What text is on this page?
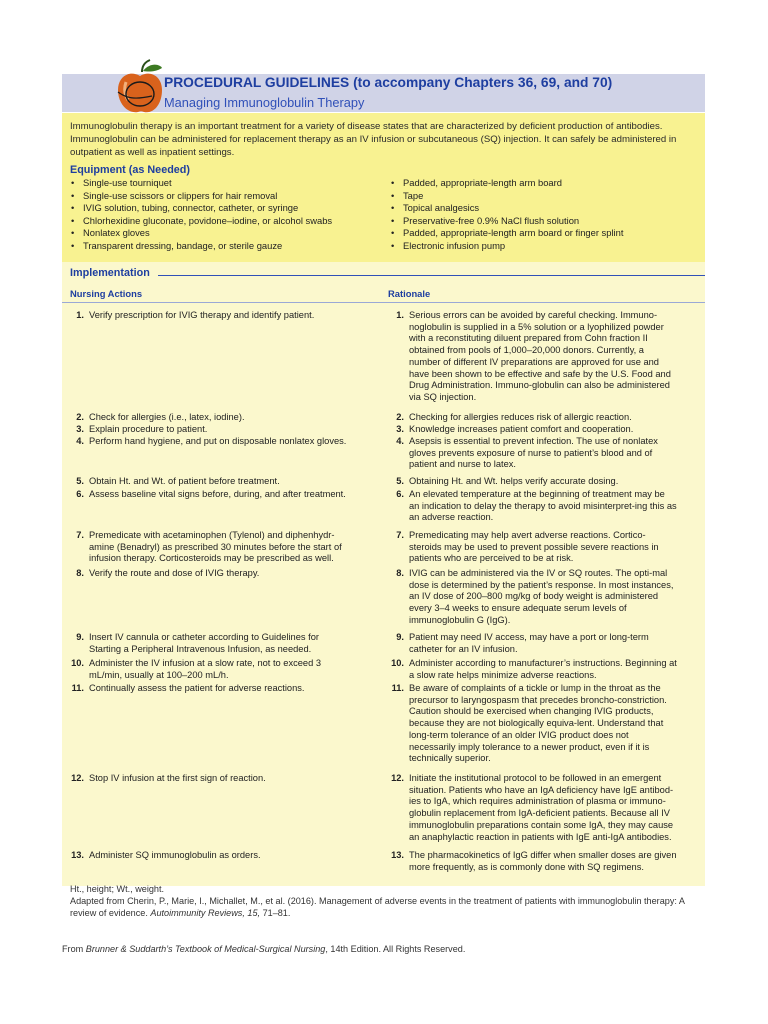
PROCEDURAL GUIDELINES (to accompany Chapters 36, 69, and 70)
Managing Immunoglobulin Therapy

Immunoglobulin therapy is an important treatment for a variety of disease states that are characterized by deficient production of antibodies. Immunoglobulin can be administered for replacement therapy as an IV infusion or subcutaneous (SQ) injection. It can safely be administered in outpatient as well as inpatient settings.

Equipment (as Needed)

• Single-use tourniquet
• Single-use scissors or clippers for hair removal
• IVIG solution, tubing, connector, catheter, or syringe
• Chlorhexidine gluconate, povidone–iodine, or alcohol swabs
• Nonlatex gloves
• Transparent dressing, bandage, or sterile gauze
• Padded, appropriate-length arm board
• Tape
• Topical analgesics
• Preservative-free 0.9% NaCl flush solution
• Padded, appropriate-length arm board or finger splint
• Electronic infusion pump
Implementation
Nursing Actions	Rationale
1. Verify prescription for IVIG therapy and identify patient.
2. Check for allergies (i.e., latex, iodine).
3. Explain procedure to patient.
4. Perform hand hygiene, and put on disposable nonlatex gloves.
5. Obtain Ht. and Wt. of patient before treatment.
6. Assess baseline vital signs before, during, and after treatment.
7. Premedicate with acetaminophen (Tylenol) and diphenhydr-amine (Benadryl) as prescribed 30 minutes before the start of infusion therapy. Corticosteroids may be prescribed as well.
8. Verify the route and dose of IVIG therapy.
9. Insert IV cannula or catheter according to Guidelines for Starting a Peripheral Intravenous Infusion, as needed.
10. Administer the IV infusion at a slow rate, not to exceed 3 mL/min, usually at 100–200 mL/h.
11. Continually assess the patient for adverse reactions.
12. Stop IV infusion at the first sign of reaction.
13. Administer SQ immunoglobulin as orders.
1. Serious errors can be avoided by careful checking. Immuno-noglobulin is supplied in a 5% solution or a lyophilized powder with a reconstituting diluent prepared from Cohn fraction II obtained from pools of 1,000–20,000 donors. Currently, a number of different IV preparations are approved for use and have been shown to be effective and safe by the U.S. Food and Drug Administration. Immuno-globulin can also be administered via SQ injection.
2. Checking for allergies reduces risk of allergic reaction.
3. Knowledge increases patient comfort and cooperation.
4. Asepsis is essential to prevent infection. The use of nonlatex gloves prevents exposure of nurse to patient’s blood and of patient and nurse to latex.
5. Obtaining Ht. and Wt. helps verify accurate dosing.
6. An elevated temperature at the beginning of treatment may be an indication to delay the therapy to avoid misinterpret-ing this as an adverse reaction.
7. Premedicating may help avert adverse reactions. Cortico-steroids may be used to prevent possible severe reactions in patients who are perceived to be at risk.
8. IVIG can be administered via the IV or SQ routes. The opti-mal dose is determined by the patient’s response. In most instances, an IV dose of 200–800 mg/kg of body weight is administered every 3–4 weeks to ensure adequate serum levels of immunoglobulin G (IgG).
9. Patient may need IV access, may have a port or long-term catheter for an IV infusion.
10. Administer according to manufacturer’s instructions. Beginning at a slow rate helps minimize adverse reactions.
11. Be aware of complaints of a tickle or lump in the throat as the precursor to laryngospasm that precedes broncho-constriction. Caution should be exercised when changing IVIG products, because they are not biologically equiva-lent. Understand that long-term tolerance of an older IVIG product does not necessarily imply tolerance to a newer product, even if it is technically superior.
12. Initiate the institutional protocol to be followed in an emergent situation. Patients who have an IgA deficiency have IgE antibod-ies to IgA, which requires administration of plasma or immuno-globulin replacement from IgA-deficient patients. Because all IV immunoglobulin preparations contain some IgA, they may cause an anaphylactic reaction in patients with IgE anti-IgA antibodies.
13. The pharmacokinetics of IgG differ when smaller doses are given more frequently, as is commonly done with SQ regimens.
Ht., height; Wt., weight.
Adapted from Cherin, P., Marie, I., Michallet, M., et al. (2016). Management of adverse events in the treatment of patients with immunoglobulin therapy: A review of evidence. Autoimmunity Reviews, 15, 71–81.
From Brunner & Suddarth’s Textbook of Medical-Surgical Nursing, 14th Edition. All Rights Reserved.
